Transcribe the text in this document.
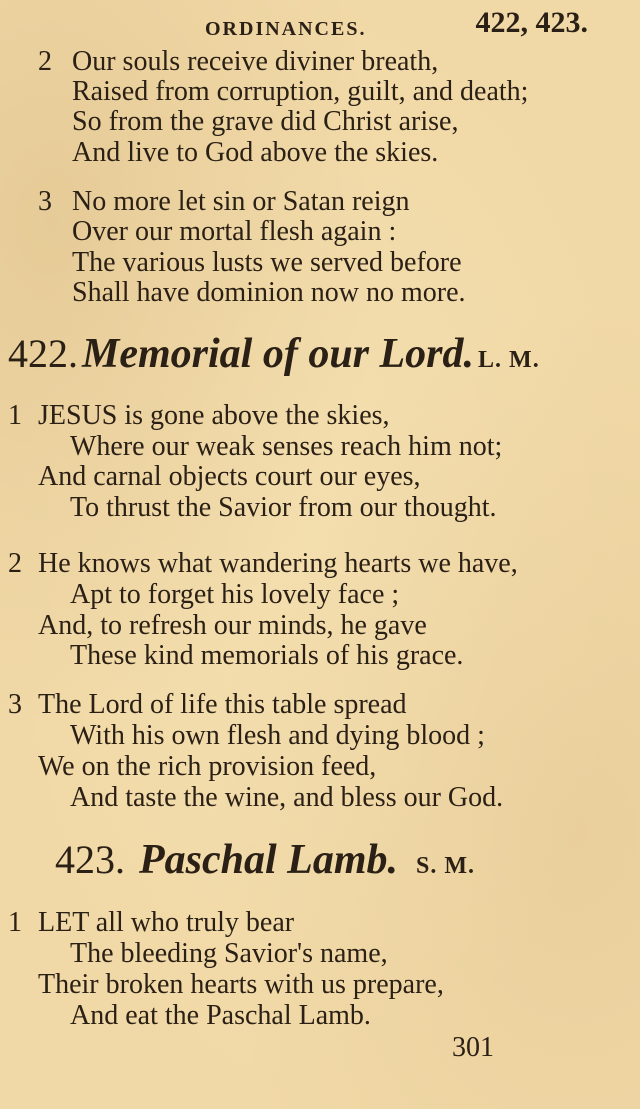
ORDINANCES.	422, 423.
2 Our souls receive diviner breath,
Raised from corruption, guilt, and death;
So from the grave did Christ arise,
And live to God above the skies.
3 No more let sin or Satan reign
Over our mortal flesh again :
The various lusts we served before
Shall have dominion now no more.
422. Memorial of our Lord. L. M.
1 JESUS is gone above the skies,
Where our weak senses reach him not;
And carnal objects court our eyes,
To thrust the Savior from our thought.
2 He knows what wandering hearts we have,
Apt to forget his lovely face ;
And, to refresh our minds, he gave
These kind memorials of his grace.
3 The Lord of life this table spread
With his own flesh and dying blood ;
We on the rich provision feed,
And taste the wine, and bless our God.
423. Paschal Lamb. S. M.
1 LET all who truly bear
The bleeding Savior's name,
Their broken hearts with us prepare,
And eat the Paschal Lamb.
301
